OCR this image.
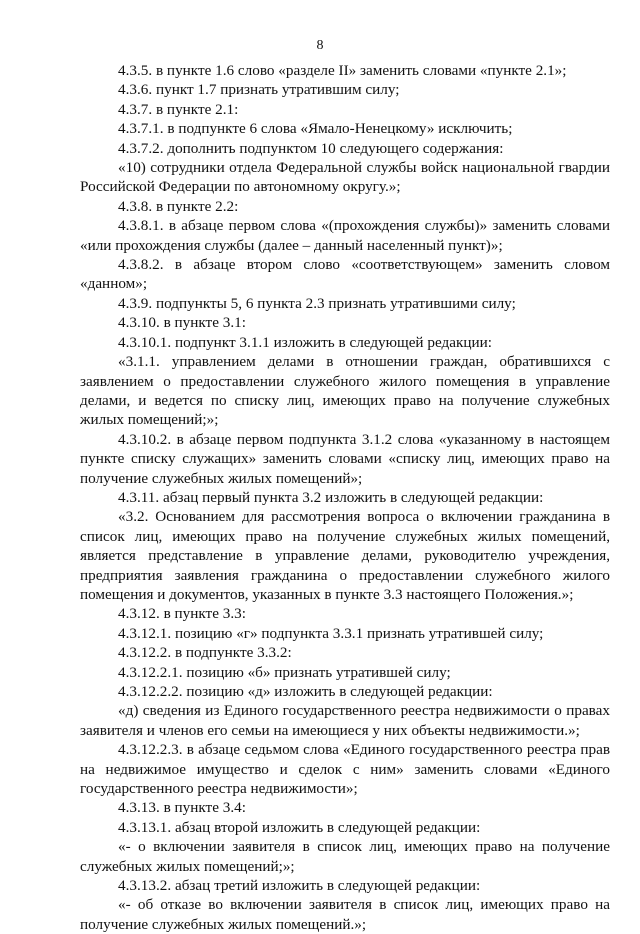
8

4.3.5. в пункте 1.6 слово «разделе II» заменить словами «пункте 2.1»;

4.3.6. пункт 1.7 признать утратившим силу;

4.3.7. в пункте 2.1:

4.3.7.1. в подпункте 6 слова «Ямало-Ненецкому» исключить;

4.3.7.2. дополнить подпунктом 10 следующего содержания:

«10) сотрудники отдела Федеральной службы войск национальной гвардии Российской Федерации по автономному округу.»;

4.3.8. в пункте 2.2:

4.3.8.1. в абзаце первом слова «(прохождения службы)» заменить словами «или прохождения службы (далее – данный населенный пункт)»;

4.3.8.2. в абзаце втором слово «соответствующем» заменить словом «данном»;

4.3.9. подпункты 5, 6 пункта 2.3 признать утратившими силу;

4.3.10. в пункте 3.1:

4.3.10.1. подпункт 3.1.1 изложить в следующей редакции:

«3.1.1. управлением делами в отношении граждан, обратившихся с заявлением о предоставлении служебного жилого помещения в управление делами, и ведется по списку лиц, имеющих право на получение служебных жилых помещений;»;

4.3.10.2. в абзаце первом подпункта 3.1.2 слова «указанному в настоящем пункте списку служащих» заменить словами «списку лиц, имеющих право на получение служебных жилых помещений»;

4.3.11. абзац первый пункта 3.2 изложить в следующей редакции:

«3.2. Основанием для рассмотрения вопроса о включении гражданина в список лиц, имеющих право на получение служебных жилых помещений, является представление в управление делами, руководителю учреждения, предприятия заявления гражданина о предоставлении служебного жилого помещения и документов, указанных в пункте 3.3 настоящего Положения.»;

4.3.12. в пункте 3.3:

4.3.12.1. позицию «г» подпункта 3.3.1 признать утратившей силу;

4.3.12.2. в подпункте 3.3.2:

4.3.12.2.1. позицию «б» признать утратившей силу;

4.3.12.2.2. позицию «д» изложить в следующей редакции:

«д) сведения из Единого государственного реестра недвижимости о правах заявителя и членов его семьи на имеющиеся у них объекты недвижимости.»;

4.3.12.2.3. в абзаце седьмом слова «Единого государственного реестра прав на недвижимое имущество и сделок с ним» заменить словами «Единого государственного реестра недвижимости»;

4.3.13. в пункте 3.4:

4.3.13.1. абзац второй изложить в следующей редакции:

«- о включении заявителя в список лиц, имеющих право на получение служебных жилых помещений;»;

4.3.13.2. абзац третий изложить в следующей редакции:

«- об отказе во включении заявителя в список лиц, имеющих право на получение служебных жилых помещений.»;
